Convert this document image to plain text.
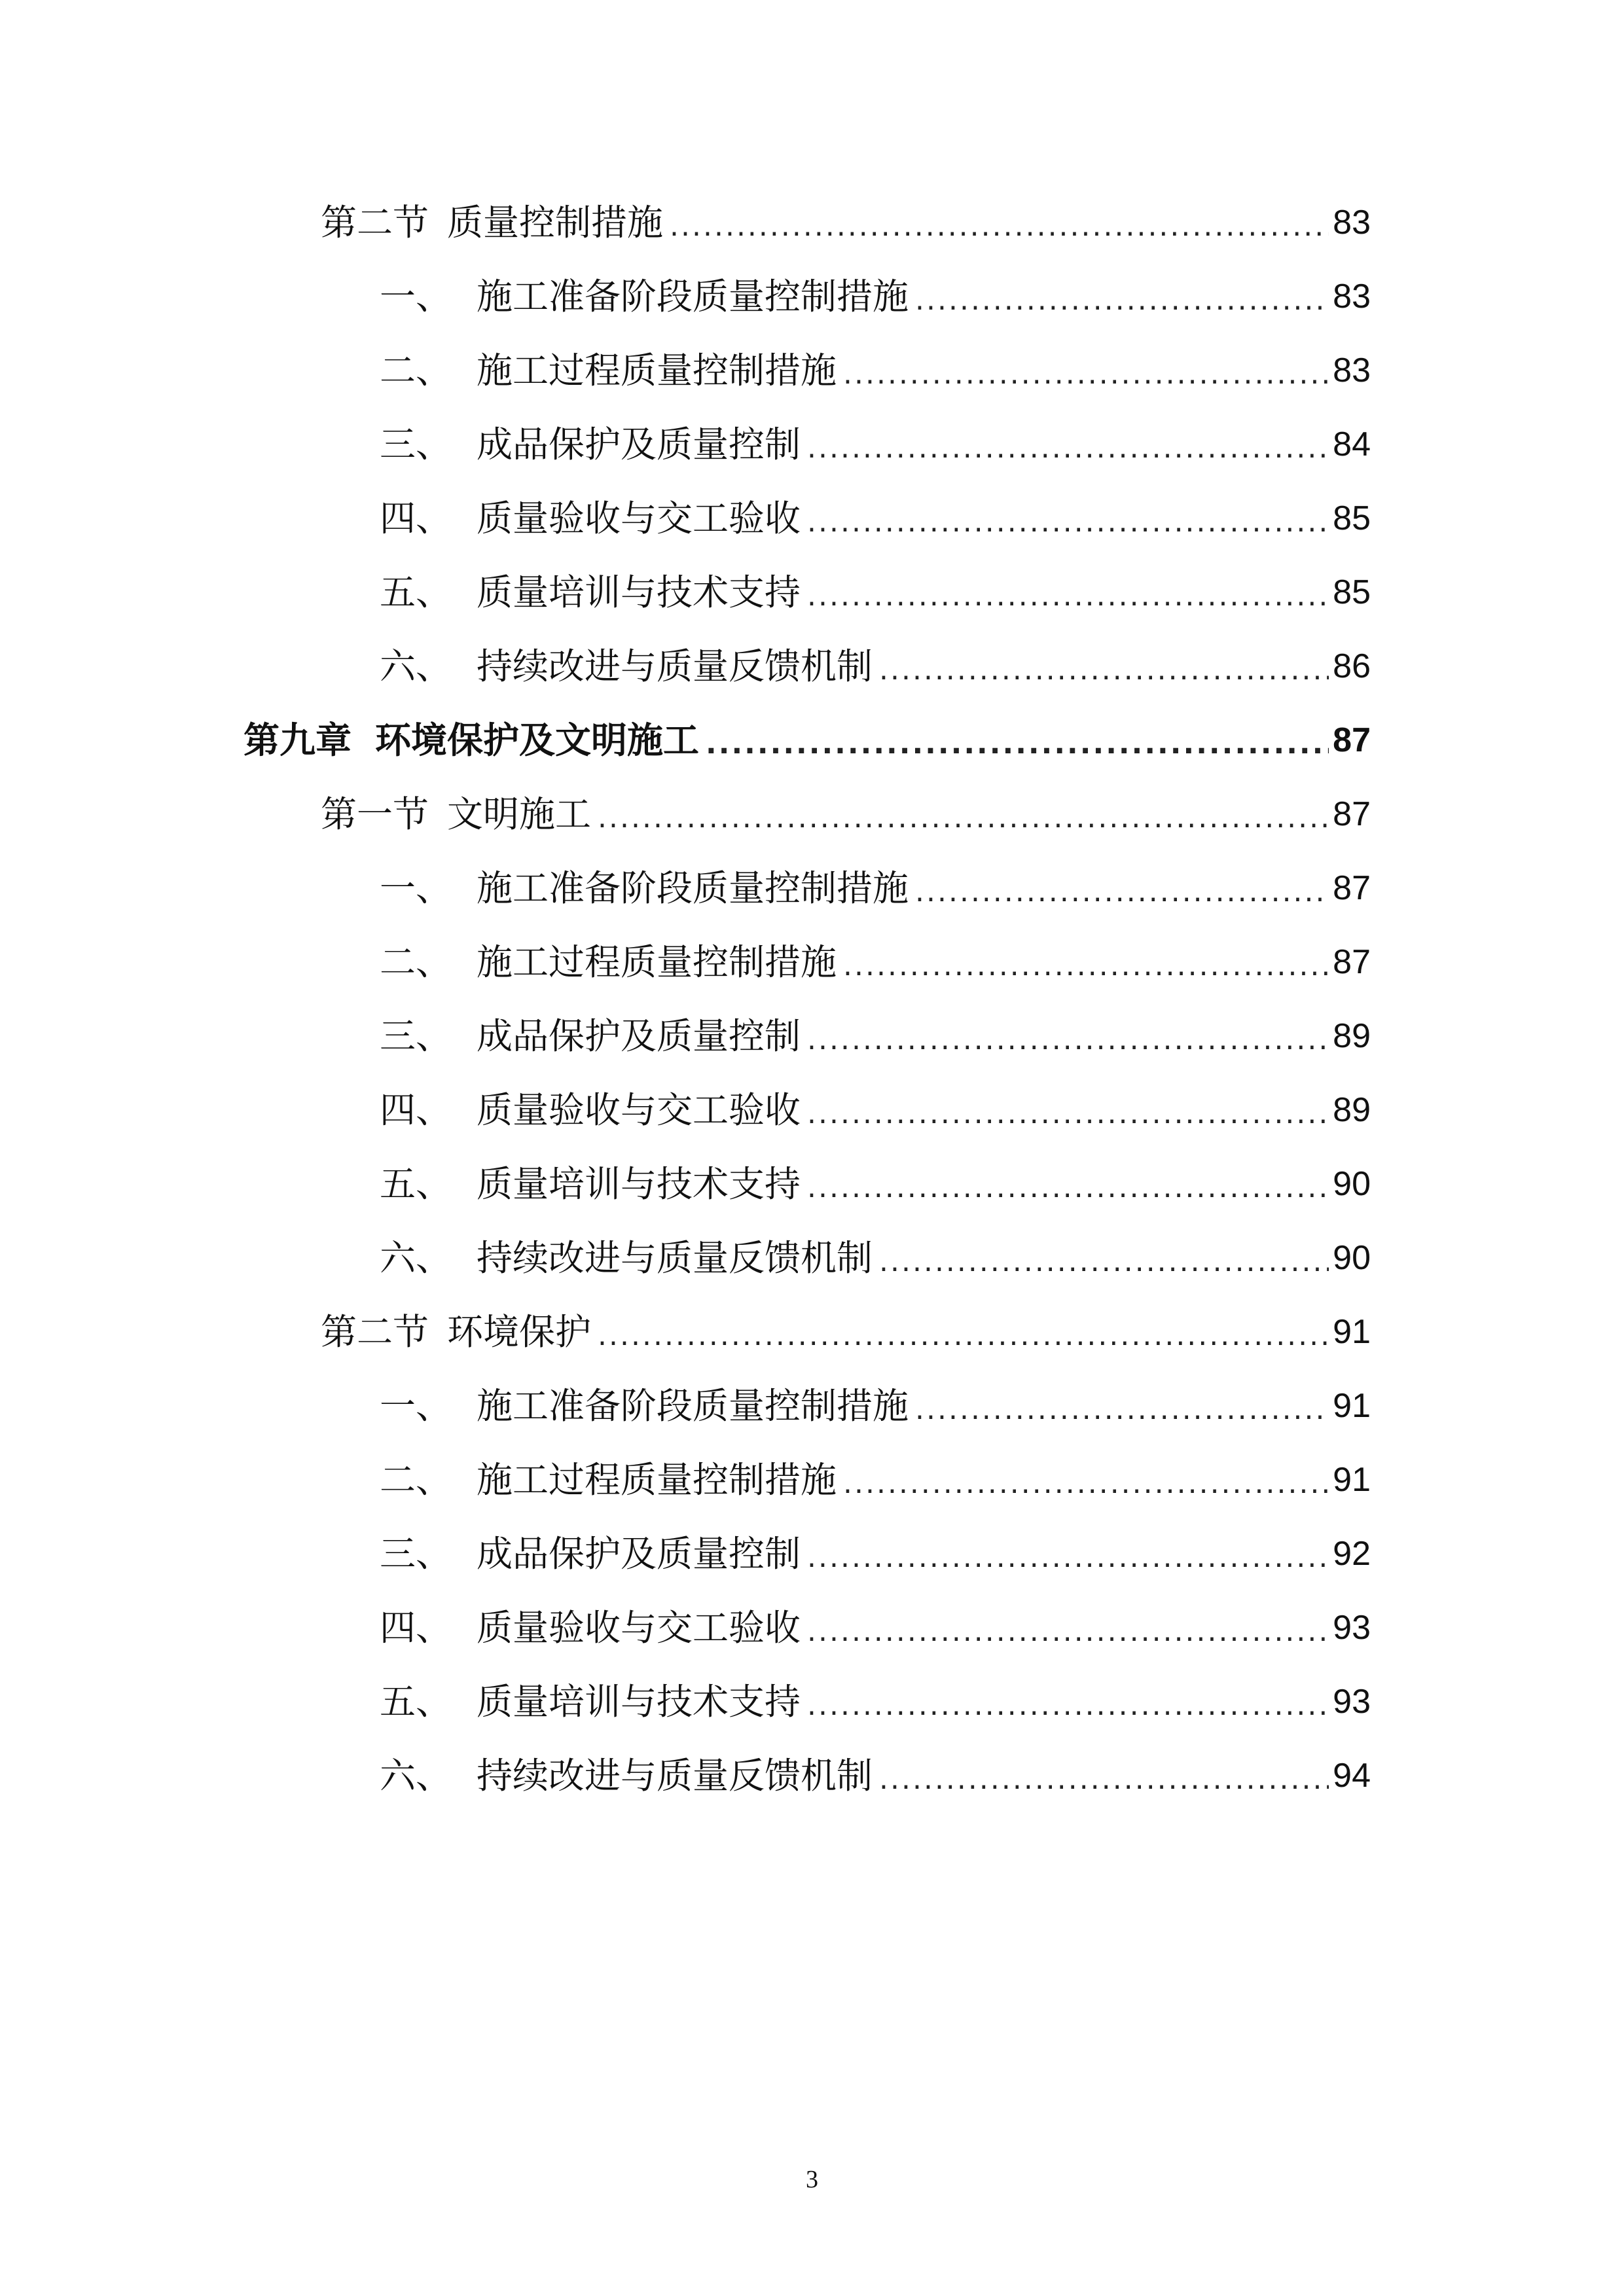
第二节 质量控制措施 .....	83
一、 施工准备阶段质量控制措施 .....	83
二、 施工过程质量控制措施 .....	83
三、 成品保护及质量控制 .....	84
四、 质量验收与交工验收 .....	85
五、 质量培训与技术支持 .....	85
六、 持续改进与质量反馈机制 .....	86
第九章 环境保护及文明施工 .....	87
第一节 文明施工 .....	87
一、 施工准备阶段质量控制措施 .....	87
二、 施工过程质量控制措施 .....	87
三、 成品保护及质量控制 .....	89
四、 质量验收与交工验收 .....	89
五、 质量培训与技术支持 .....	90
六、 持续改进与质量反馈机制 .....	90
第二节 环境保护 .....	91
一、 施工准备阶段质量控制措施 .....	91
二、 施工过程质量控制措施 .....	91
三、 成品保护及质量控制 .....	92
四、 质量验收与交工验收 .....	93
五、 质量培训与技术支持 .....	93
六、 持续改进与质量反馈机制 .....	94
3
